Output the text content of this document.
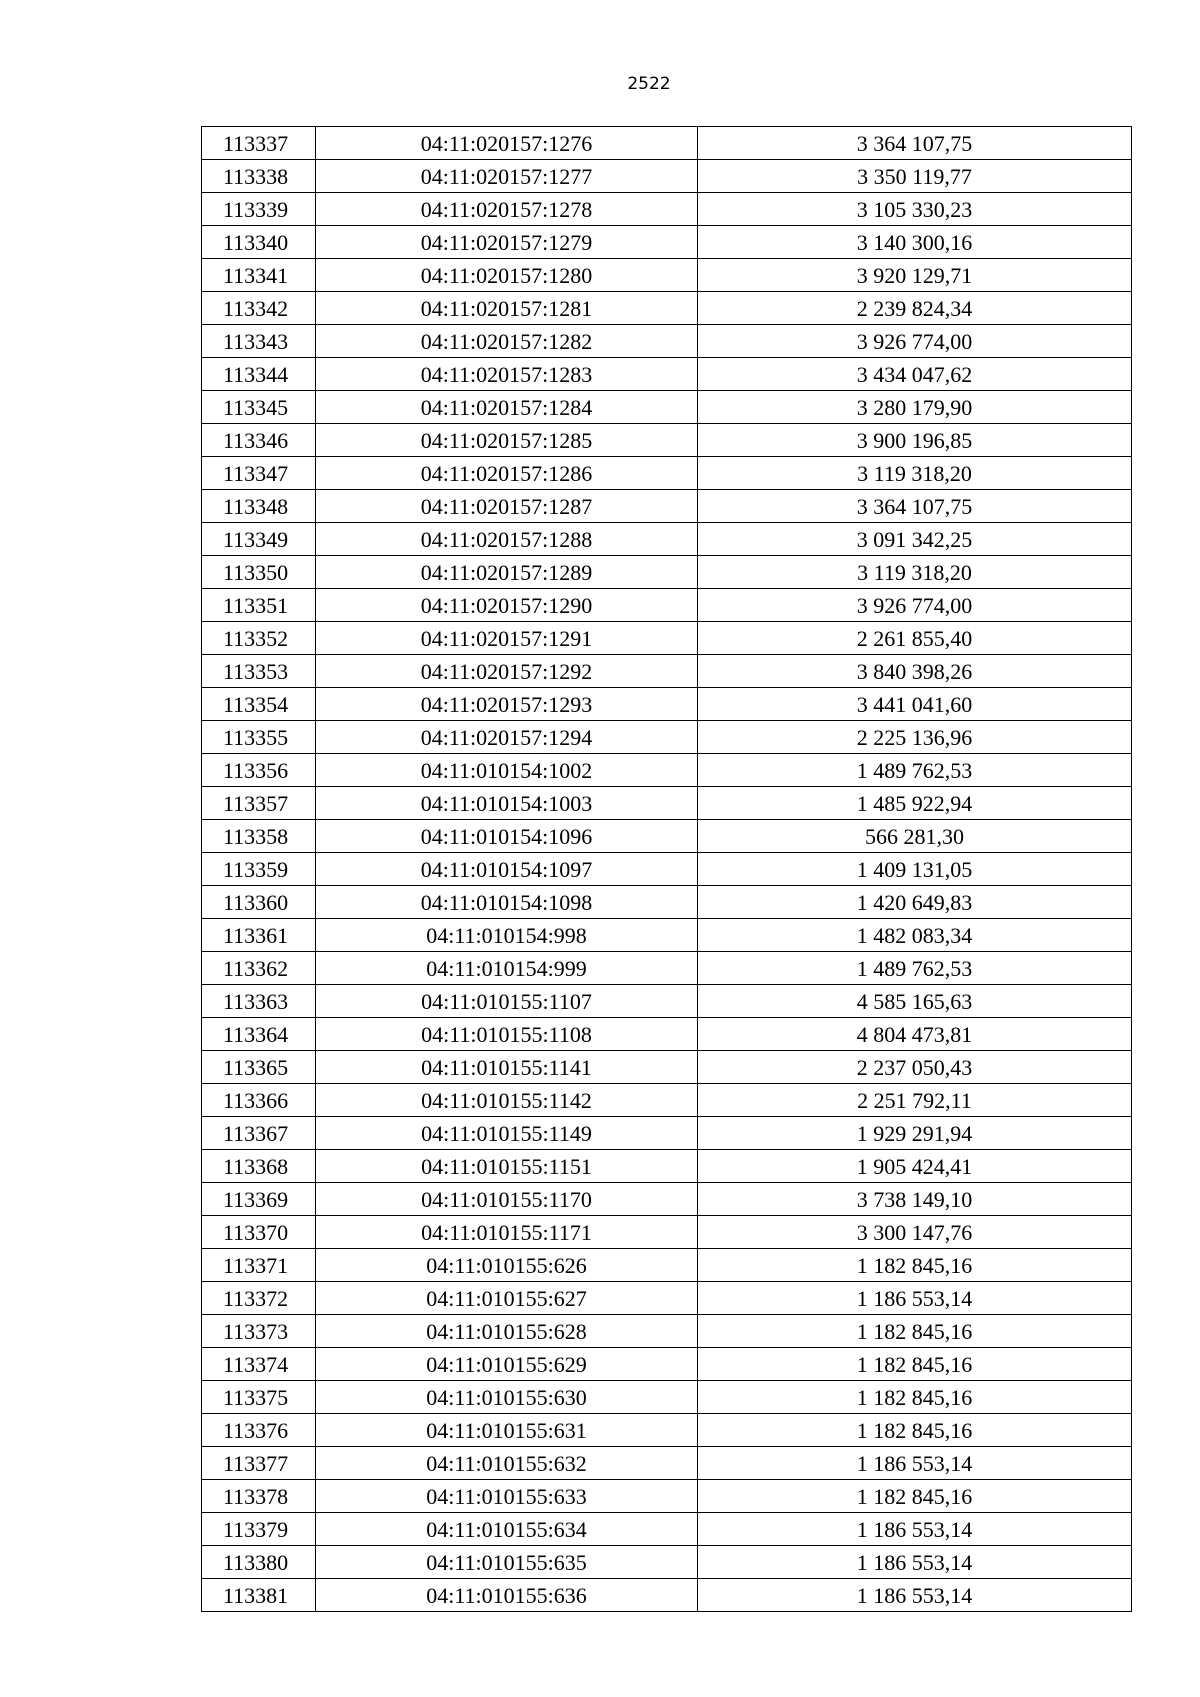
2522
113337	04:11:020157:1276	3 364 107,75
113338	04:11:020157:1277	3 350 119,77
113339	04:11:020157:1278	3 105 330,23
113340	04:11:020157:1279	3 140 300,16
113341	04:11:020157:1280	3 920 129,71
113342	04:11:020157:1281	2 239 824,34
113343	04:11:020157:1282	3 926 774,00
113344	04:11:020157:1283	3 434 047,62
113345	04:11:020157:1284	3 280 179,90
113346	04:11:020157:1285	3 900 196,85
113347	04:11:020157:1286	3 119 318,20
113348	04:11:020157:1287	3 364 107,75
113349	04:11:020157:1288	3 091 342,25
113350	04:11:020157:1289	3 119 318,20
113351	04:11:020157:1290	3 926 774,00
113352	04:11:020157:1291	2 261 855,40
113353	04:11:020157:1292	3 840 398,26
113354	04:11:020157:1293	3 441 041,60
113355	04:11:020157:1294	2 225 136,96
113356	04:11:010154:1002	1 489 762,53
113357	04:11:010154:1003	1 485 922,94
113358	04:11:010154:1096	566 281,30
113359	04:11:010154:1097	1 409 131,05
113360	04:11:010154:1098	1 420 649,83
113361	04:11:010154:998	1 482 083,34
113362	04:11:010154:999	1 489 762,53
113363	04:11:010155:1107	4 585 165,63
113364	04:11:010155:1108	4 804 473,81
113365	04:11:010155:1141	2 237 050,43
113366	04:11:010155:1142	2 251 792,11
113367	04:11:010155:1149	1 929 291,94
113368	04:11:010155:1151	1 905 424,41
113369	04:11:010155:1170	3 738 149,10
113370	04:11:010155:1171	3 300 147,76
113371	04:11:010155:626	1 182 845,16
113372	04:11:010155:627	1 186 553,14
113373	04:11:010155:628	1 182 845,16
113374	04:11:010155:629	1 182 845,16
113375	04:11:010155:630	1 182 845,16
113376	04:11:010155:631	1 182 845,16
113377	04:11:010155:632	1 186 553,14
113378	04:11:010155:633	1 182 845,16
113379	04:11:010155:634	1 186 553,14
113380	04:11:010155:635	1 186 553,14
113381	04:11:010155:636	1 186 553,14
